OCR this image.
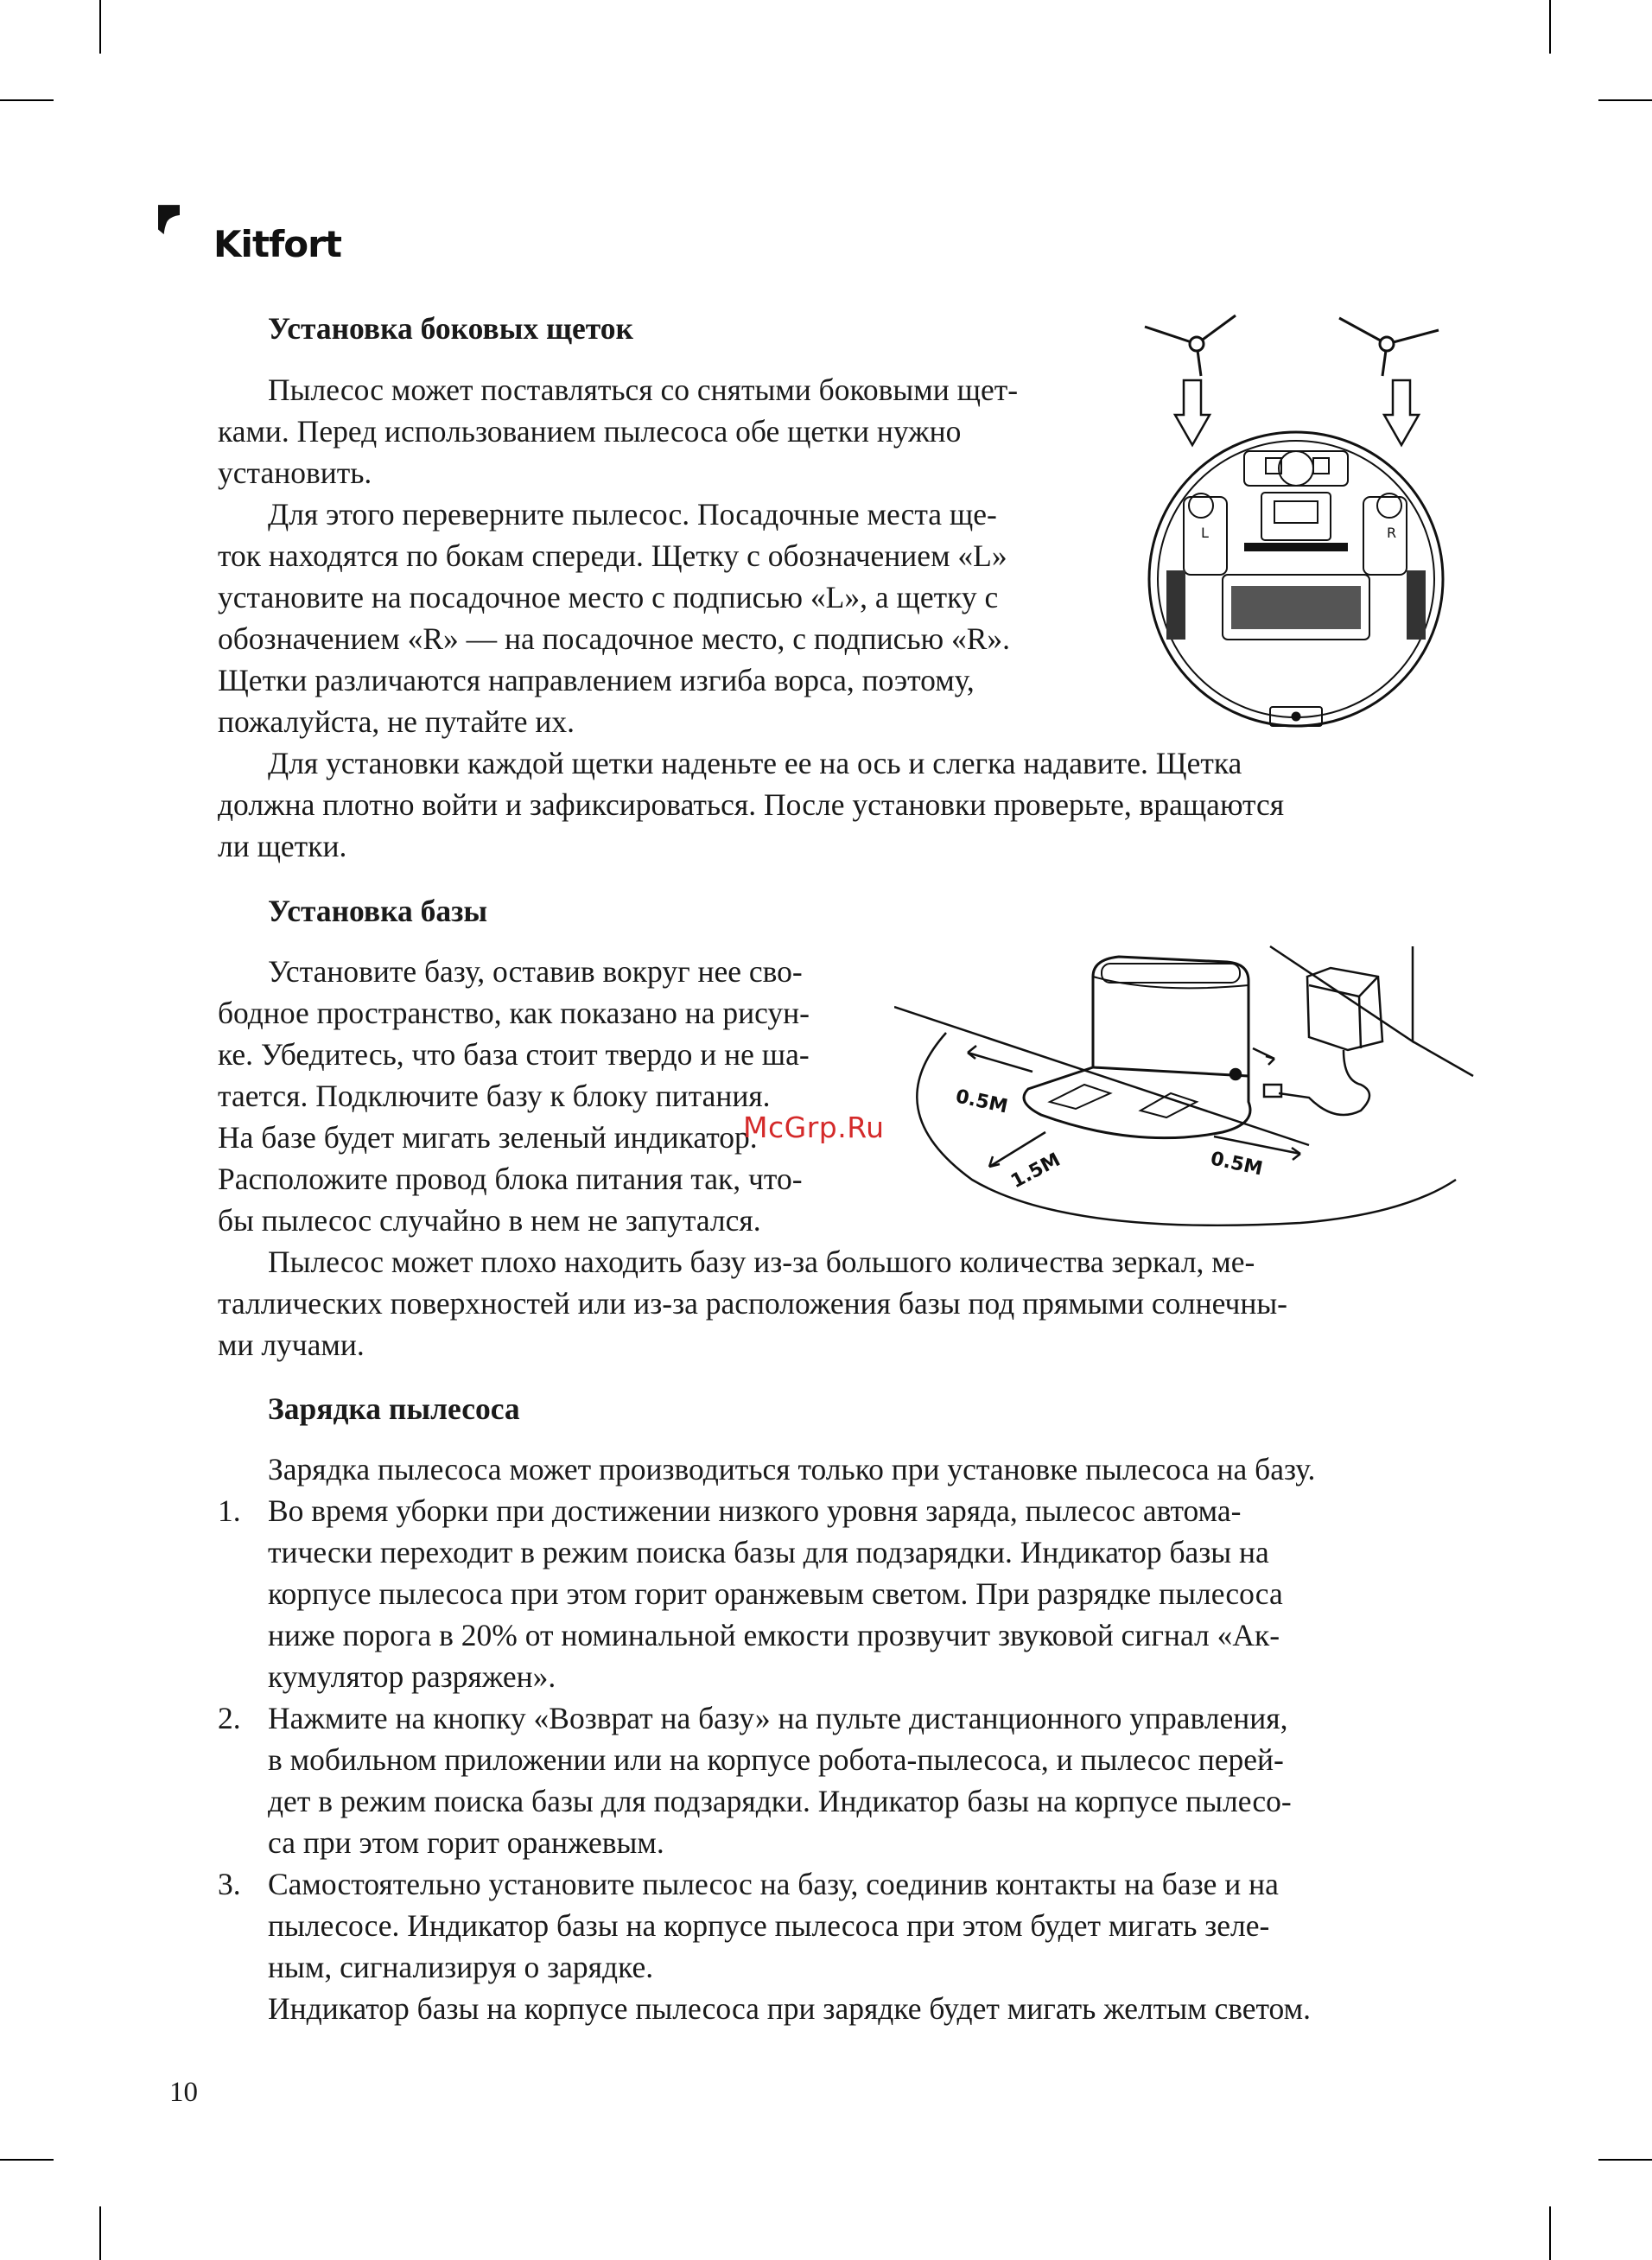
Kitfort
Установка боковых щеток
Пылесос может поставляться со снятыми боковыми щет-
ками. Перед использованием пылесоса обе щетки нужно
установить.
Для этого переверните пылесос. Посадочные места ще-
ток находятся по бокам спереди. Щетку с обозначением «L»
установите на посадочное место с подписью «L», а щетку с
обозначением «R» — на посадочное место, с подписью «R».
Щетки различаются направлением изгиба ворса, поэтому,
пожалуйста, не путайте их.
Для установки каждой щетки наденьте ее на ось и слегка надавите. Щетка
должна плотно войти и зафиксироваться. После установки проверьте, вращаются
ли щетки.
L	R
Установка базы
Установите базу, оставив вокруг нее сво-
бодное пространство, как показано на рисун-
ке. Убедитесь, что база стоит твердо и не ша-
тается. Подключите базу к блоку питания.
На базе будет мигать зеленый индикатор.
Расположите провод блока питания так, что-
бы пылесос случайно в нем не запутался.
0.5M
1.5M	0.5M
McGrp.Ru
Пылесос может плохо находить базу из-за большого количества зеркал, ме-
таллических поверхностей или из-за расположения базы под прямыми солнечны-
ми лучами.
Зарядка пылесоса
Зарядка пылесоса может производиться только при установке пылесоса на базу.
1. Во время уборки при достижении низкого уровня заряда, пылесос автома-
тически переходит в режим поиска базы для подзарядки. Индикатор базы на
корпусе пылесоса при этом горит оранжевым светом. При разрядке пылесоса
ниже порога в 20% от номинальной емкости прозвучит звуковой сигнал «Ак-
кумулятор разряжен».
2. Нажмите на кнопку «Возврат на базу» на пульте дистанционного управления,
в мобильном приложении или на корпусе робота-пылесоса, и пылесос перей-
дет в режим поиска базы для подзарядки. Индикатор базы на корпусе пылесо-
са при этом горит оранжевым.
3. Самостоятельно установите пылесос на базу, соединив контакты на базе и на
пылесосе. Индикатор базы на корпусе пылесоса при этом будет мигать зеле-
ным, сигнализируя о зарядке.
Индикатор базы на корпусе пылесоса при зарядке будет мигать желтым светом.
10
